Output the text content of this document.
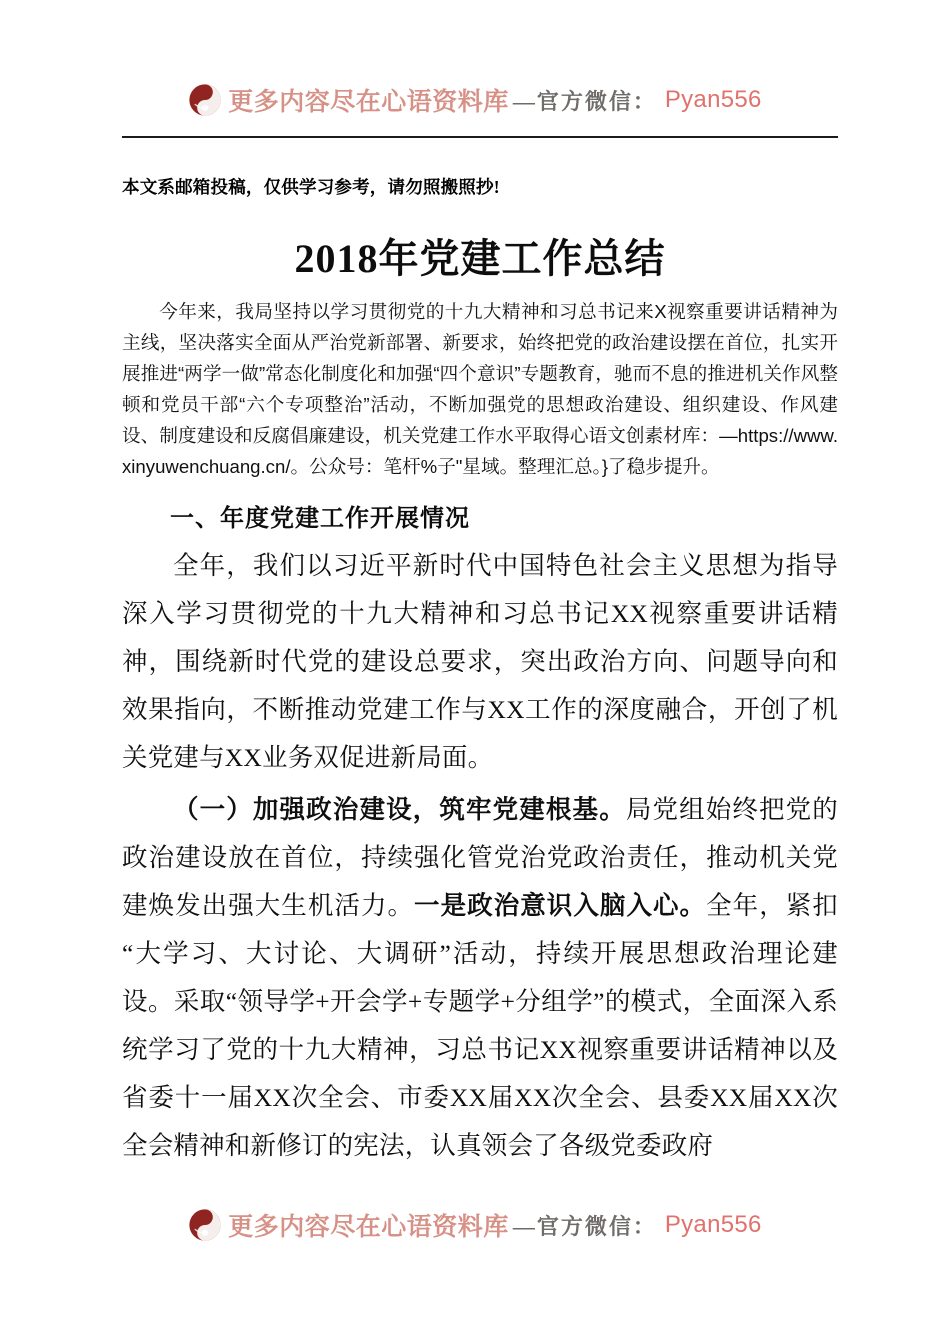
更多内容尽在心语资料库 —官方微信： Pyan556
本文系邮箱投稿，仅供学习参考，请勿照搬照抄!
2018年党建工作总结

今年来，我局坚持以学习贯彻党的十九大精神和习总书记来X视察重要讲话精神为主线，坚决落实全面从严治党新部署、新要求，始终把党的政治建设摆在首位，扎实开展推进“两学一做”常态化制度化和加强“四个意识”专题教育，驰而不息的推进机关作风整顿和党员干部“六个专项整治”活动，不断加强党的思想政治建设、组织建设、作风建设、制度建设和反腐倡廉建设，机关党建工作水平取得心语文创素材库：—https://www.xinyuwenchuang.cn/。公众号：笔杆%子"星域。整理汇总。}了稳步提升。

一、年度党建工作开展情况

全年，我们以习近平新时代中国特色社会主义思想为指导深入学习贯彻党的十九大精神和习总书记XX视察重要讲话精神，围绕新时代党的建设总要求，突出政治方向、问题导向和效果指向，不断推动党建工作与XX工作的深度融合，开创了机关党建与XX业务双促进新局面。

（一）加强政治建设，筑牢党建根基。局党组始终把党的政治建设放在首位，持续强化管党治党政治责任，推动机关党建焕发出强大生机活力。一是政治意识入脑入心。全年，紧扣“大学习、大讨论、大调研”活动，持续开展思想政治理论建设。采取“领导学+开会学+专题学+分组学”的模式，全面深入系统学习了党的十九大精神，习总书记XX视察重要讲话精神以及省委十一届XX次全会、市委XX届XX次全会、县委XX届XX次全会精神和新修订的宪法，认真领会了各级党委政府

更多内容尽在心语资料库 —官方微信： Pyan556
